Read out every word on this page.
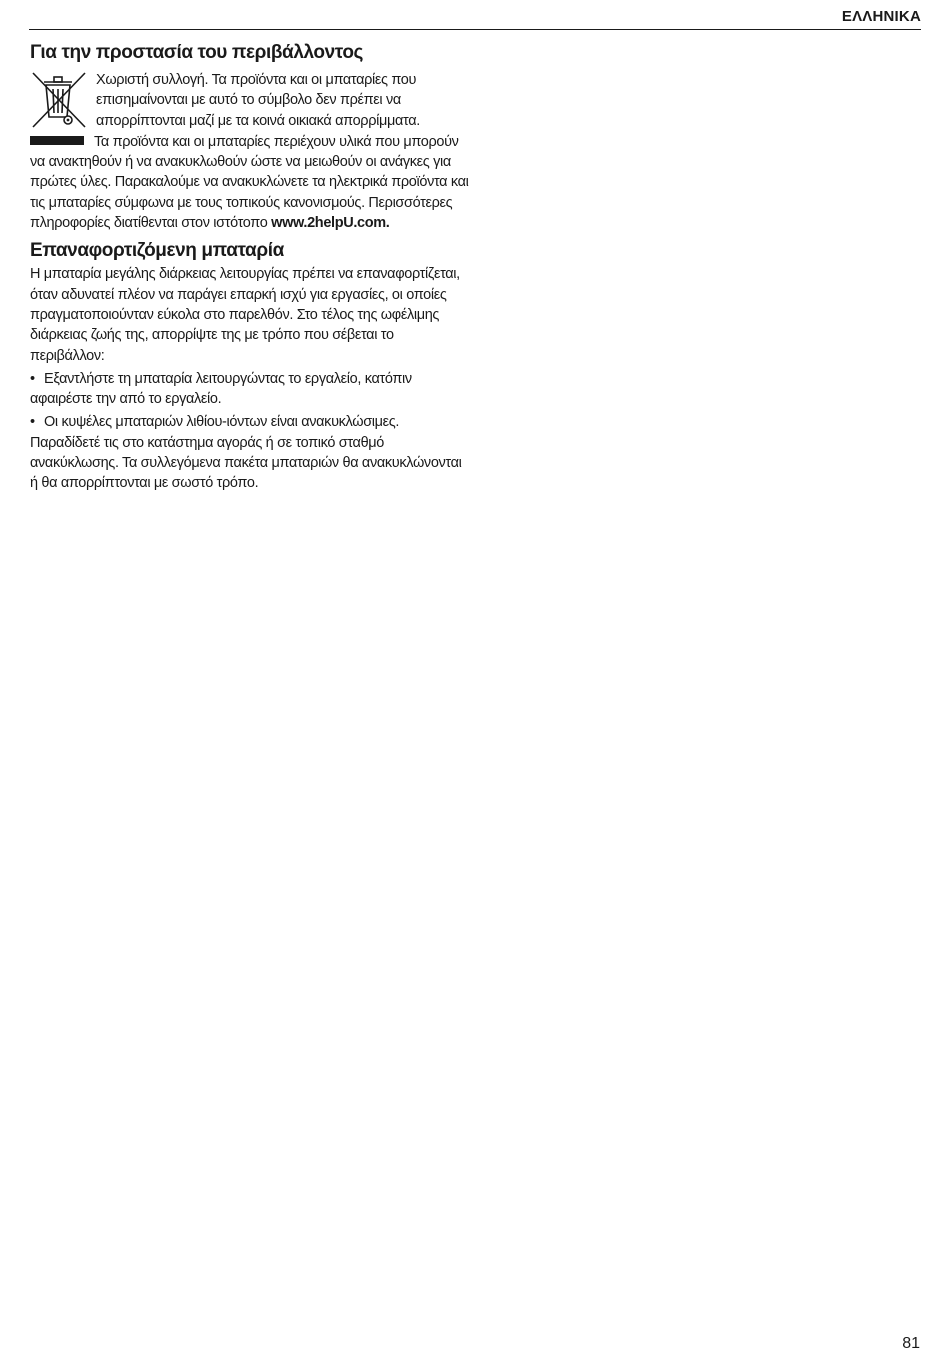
ΕΛΛΗΝΙΚΑ
Για την προστασία του περιβάλλοντος

Χωριστή συλλογή. Τα προϊόντα και οι μπαταρίες που επισημαίνονται με αυτό το σύμβολο δεν πρέπει να απορρίπτονται μαζί με τα κοινά οικιακά απορρίμματα.

Τα προϊόντα και οι μπαταρίες περιέχουν υλικά που μπορούν να ανακτηθούν ή να ανακυκλωθούν ώστε να μειωθούν οι ανάγκες για πρώτες ύλες. Παρακαλούμε να ανακυκλώνετε τα ηλεκτρικά προϊόντα και τις μπαταρίες σύμφωνα με τους τοπικούς κανονισμούς. Περισσότερες πληροφορίες διατίθενται στον ιστότοπο www.2helpU.com.

Επαναφορτιζόμενη μπαταρία

Η μπαταρία μεγάλης διάρκειας λειτουργίας πρέπει να επαναφορτίζεται, όταν αδυνατεί πλέον να παράγει επαρκή ισχύ για εργασίες, οι οποίες πραγματοποιούνταν εύκολα στο παρελθόν. Στο τέλος της ωφέλιμης διάρκειας ζωής της, απορρίψτε της με τρόπο που σέβεται το περιβάλλον:

• Εξαντλήστε τη μπαταρία λειτουργώντας το εργαλείο, κατόπιν αφαιρέστε την από το εργαλείο.

• Οι κυψέλες μπαταριών λιθίου-ιόντων είναι ανακυκλώσιμες. Παραδίδετέ τις στο κατάστημα αγοράς ή σε τοπικό σταθμό ανακύκλωσης. Τα συλλεγόμενα πακέτα μπαταριών θα ανακυκλώνονται ή θα απορρίπτονται με σωστό τρόπο.

81
